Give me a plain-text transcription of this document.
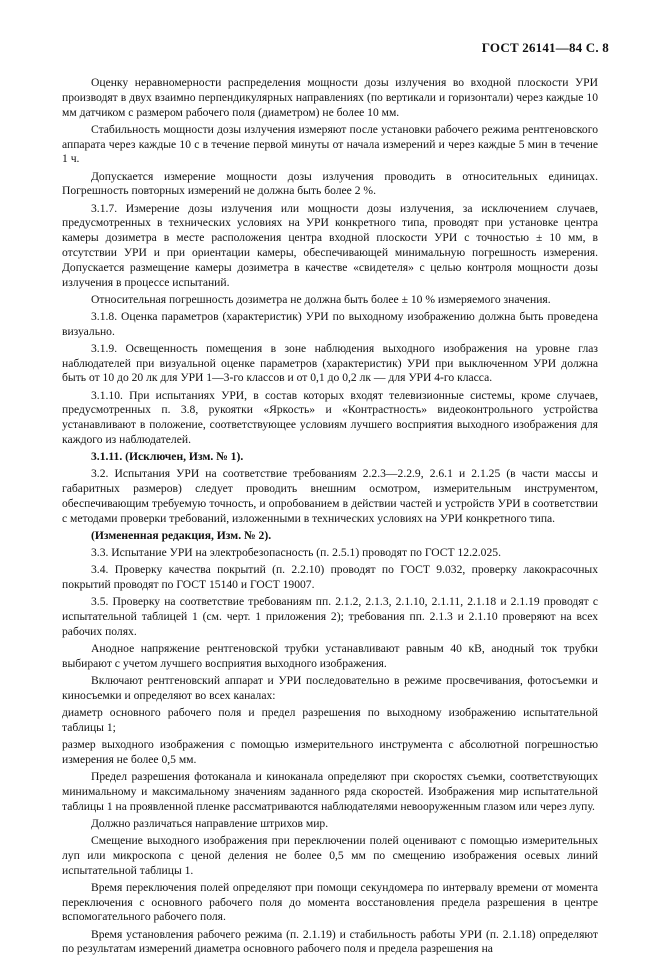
ГОСТ 26141—84 С. 8

Оценку неравномерности распределения мощности дозы излучения во входной плоскости УРИ производят в двух взаимно перпендикулярных направлениях (по вертикали и горизонтали) через каждые 10 мм датчиком с размером рабочего поля (диаметром) не более 10 мм.

Стабильность мощности дозы излучения измеряют после установки рабочего режима рентгеновского аппарата через каждые 10 с в течение первой минуты от начала измерений и через каждые 5 мин в течение 1 ч.

Допускается измерение мощности дозы излучения проводить в относительных единицах. Погрешность повторных измерений не должна быть более 2 %.

3.1.7. Измерение дозы излучения или мощности дозы излучения, за исключением случаев, предусмотренных в технических условиях на УРИ конкретного типа, проводят при установке центра камеры дозиметра в месте расположения центра входной плоскости УРИ с точностью ± 10 мм, в отсутствии УРИ и при ориентации камеры, обеспечивающей минимальную погрешность измерения. Допускается размещение камеры дозиметра в качестве «свидетеля» с целью контроля мощности дозы излучения в процессе испытаний.

Относительная погрешность дозиметра не должна быть более ± 10 % измеряемого значения.

3.1.8. Оценка параметров (характеристик) УРИ по выходному изображению должна быть проведена визуально.

3.1.9. Освещенность помещения в зоне наблюдения выходного изображения на уровне глаз наблюдателей при визуальной оценке параметров (характеристик) УРИ при выключенном УРИ должна быть от 10 до 20 лк для УРИ 1—3-го классов и от 0,1 до 0,2 лк — для УРИ 4-го класса.

3.1.10. При испытаниях УРИ, в состав которых входят телевизионные системы, кроме случаев, предусмотренных п. 3.8, рукоятки «Яркость» и «Контрастность» видеоконтрольного устройства устанавливают в положение, соответствующее условиям лучшего восприятия выходного изображения для каждого из наблюдателей.

3.1.11. (Исключен, Изм. № 1).

3.2. Испытания УРИ на соответствие требованиям 2.2.3—2.2.9, 2.6.1 и 2.1.25 (в части массы и габаритных размеров) следует проводить внешним осмотром, измерительным инструментом, обеспечивающим требуемую точность, и опробованием в действии частей и устройств УРИ в соответствии с методами проверки требований, изложенными в технических условиях на УРИ конкретного типа.

(Измененная редакция, Изм. № 2).

3.3. Испытание УРИ на электробезопасность (п. 2.5.1) проводят по ГОСТ 12.2.025.

3.4. Проверку качества покрытий (п. 2.2.10) проводят по ГОСТ 9.032, проверку лакокрасочных покрытий проводят по ГОСТ 15140 и ГОСТ 19007.

3.5. Проверку на соответствие требованиям пп. 2.1.2, 2.1.3, 2.1.10, 2.1.11, 2.1.18 и 2.1.19 проводят с испытательной таблицей 1 (см. черт. 1 приложения 2); требования пп. 2.1.3 и 2.1.10 проверяют на всех рабочих полях.

Анодное напряжение рентгеновской трубки устанавливают равным 40 кВ, анодный ток трубки выбирают с учетом лучшего восприятия выходного изображения.

Включают рентгеновский аппарат и УРИ последовательно в режиме просвечивания, фотосъемки и киносъемки и определяют во всех каналах:

диаметр основного рабочего поля и предел разрешения по выходному изображению испытательной таблицы 1;

размер выходного изображения с помощью измерительного инструмента с абсолютной погрешностью измерения не более 0,5 мм.

Предел разрешения фотоканала и киноканала определяют при скоростях съемки, соответствующих минимальному и максимальному значениям заданного ряда скоростей. Изображения мир испытательной таблицы 1 на проявленной пленке рассматриваются наблюдателями невооруженным глазом или через лупу.

Должно различаться направление штрихов мир.

Смещение выходного изображения при переключении полей оценивают с помощью измерительных луп или микроскопа с ценой деления не более 0,5 мм по смещению изображения осевых линий испытательной таблицы 1.

Время переключения полей определяют при помощи секундомера по интервалу времени от момента переключения с основного рабочего поля до момента восстановления предела разрешения в центре вспомогательного рабочего поля.

Время установления рабочего режима (п. 2.1.19) и стабильность работы УРИ (п. 2.1.18) определяют по результатам измерений диаметра основного рабочего поля и предела разрешения на
